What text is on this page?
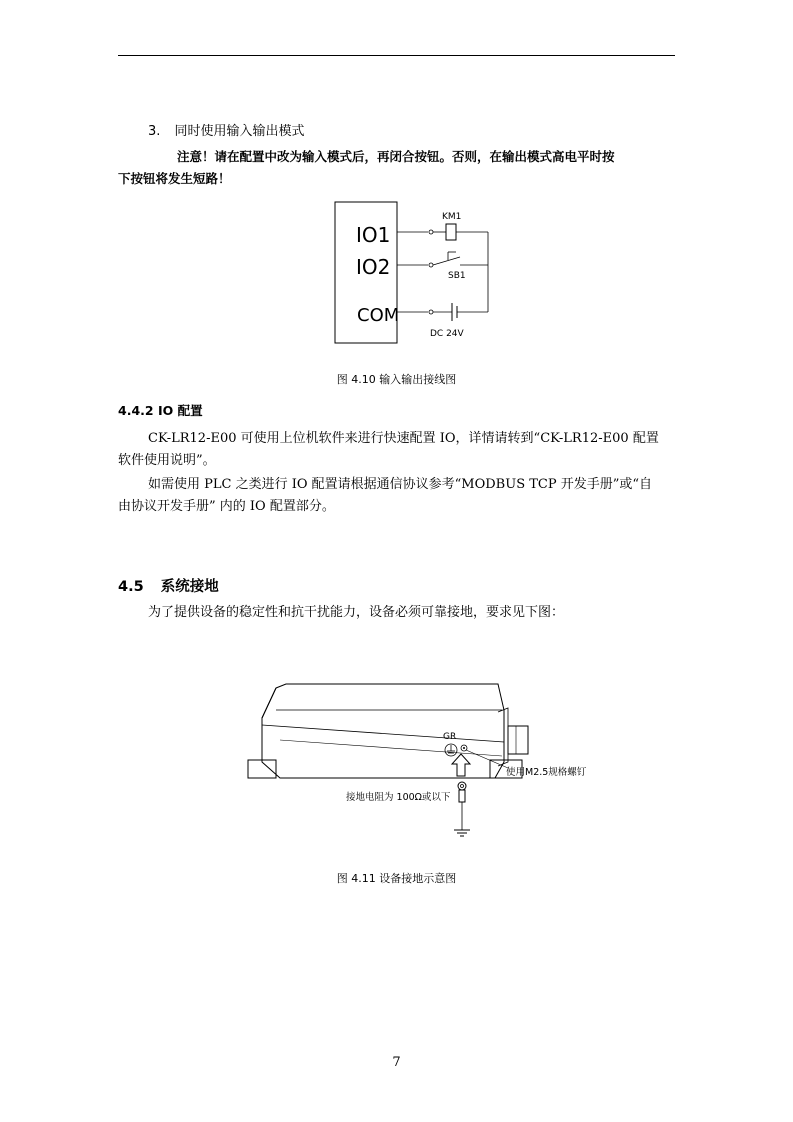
3. 同时使用输入输出模式
注意！请在配置中改为输入模式后，再闭合按钮。否则，在输出模式高电平时按
下按钮将发生短路！
IO1
IO2
COM
KM1
SB1
DC 24V
图 4.10 输入输出接线图
4.4.2 IO 配置
CK-LR12-E00 可使用上位机软件来进行快速配置 IO，详情请转到“CK-LR12-E00 配置
软件使用说明”。
如需使用 PLC 之类进行 IO 配置请根据通信协议参考“MODBUS TCP 开发手册”或“自
由协议开发手册” 内的 IO 配置部分。
4.5 系统接地
为了提供设备的稳定性和抗干扰能力，设备必须可靠接地，要求见下图：
GR
使用M2.5规格螺钉
接地电阻为 100Ω或以下
图 4.11 设备接地示意图
7
